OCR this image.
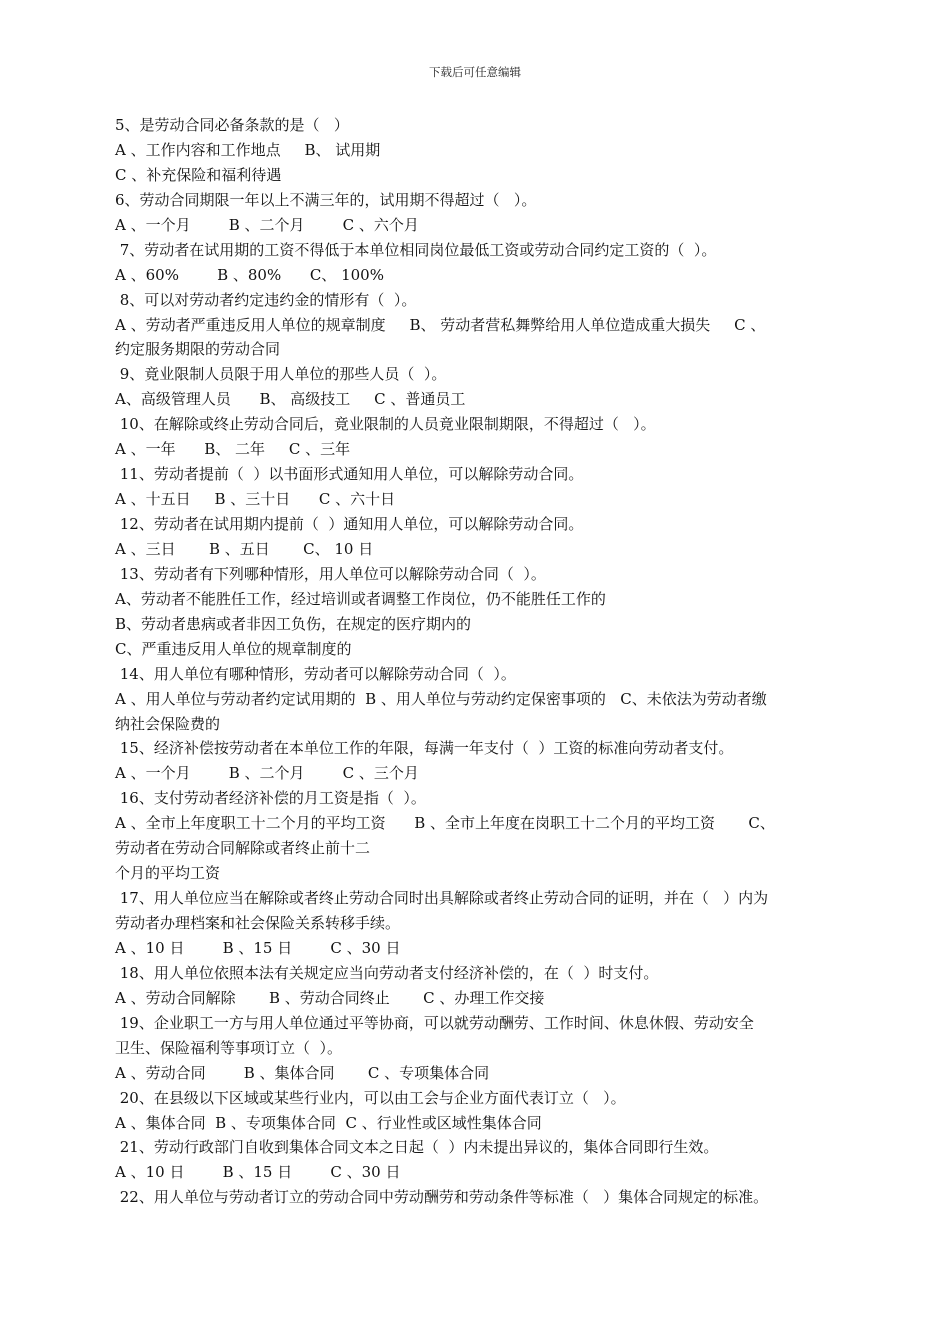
下载后可任意编辑
5、是劳动合同必备条款的是（   ）
A 、工作内容和工作地点     B、 试用期
C 、补充保险和福利待遇
6、劳动合同期限一年以上不满三年的，试用期不得超过（   ）。
A 、一个月        B 、二个月        C 、六个月
7、劳动者在试用期的工资不得低于本单位相同岗位最低工资或劳动合同约定工资的（  ）。
A 、60%        B 、80%      C、 100%
8、可以对劳动者约定违约金的情形有（  ）。
A 、劳动者严重违反用人单位的规章制度     B、 劳动者营私舞弊给用人单位造成重大损失     C 、
约定服务期限的劳动合同
9、竟业限制人员限于用人单位的那些人员（  ）。
A、高级管理人员      B、 高级技工     C 、普通员工
10、在解除或终止劳动合同后，竟业限制的人员竟业限制期限，不得超过（   ）。
A 、一年      B、 二年     C 、三年
11、劳动者提前（  ）以书面形式通知用人单位，可以解除劳动合同。
A 、十五日     B 、三十日      C 、六十日
12、劳动者在试用期内提前（  ）通知用人单位，可以解除劳动合同。
A 、三日       B 、五日       C、 10 日
13、劳动者有下列哪种情形，用人单位可以解除劳动合同（  ）。
A、劳动者不能胜任工作，经过培训或者调整工作岗位，仍不能胜任工作的
B、劳动者患病或者非因工负伤，在规定的医疗期内的
C、严重违反用人单位的规章制度的
14、用人单位有哪种情形，劳动者可以解除劳动合同（  ）。
A 、用人单位与劳动者约定试用期的  B 、用人单位与劳动约定保密事项的   C、未依法为劳动者缴
纳社会保险费的
15、经济补偿按劳动者在本单位工作的年限，每满一年支付（  ）工资的标准向劳动者支付。
A 、一个月        B 、二个月        C 、三个月
16、支付劳动者经济补偿的月工资是指（  ）。
A 、全市上年度职工十二个月的平均工资      B 、全市上年度在岗职工十二个月的平均工资       C、
劳动者在劳动合同解除或者终止前十二
个月的平均工资
17、用人单位应当在解除或者终止劳动合同时出具解除或者终止劳动合同的证明，并在（   ）内为
劳动者办理档案和社会保险关系转移手续。
A 、10 日        B 、15 日        C 、30 日
18、用人单位依照本法有关规定应当向劳动者支付经济补偿的，在（  ）时支付。
A 、劳动合同解除       B 、劳动合同终止       C 、办理工作交接
19、企业职工一方与用人单位通过平等协商，可以就劳动酬劳、工作时间、休息休假、劳动安全
卫生、保险福利等事项订立（  ）。
A 、劳动合同        B 、集体合同       C 、专项集体合同
20、在县级以下区域或某些行业内，可以由工会与企业方面代表订立（   ）。
A 、集体合同  B 、专项集体合同  C 、行业性或区域性集体合同
21、劳动行政部门自收到集体合同文本之日起（  ）内未提出异议的，集体合同即行生效。
A 、10 日        B 、15 日        C 、30 日
22、用人单位与劳动者订立的劳动合同中劳动酬劳和劳动条件等标准（   ）集体合同规定的标准。
